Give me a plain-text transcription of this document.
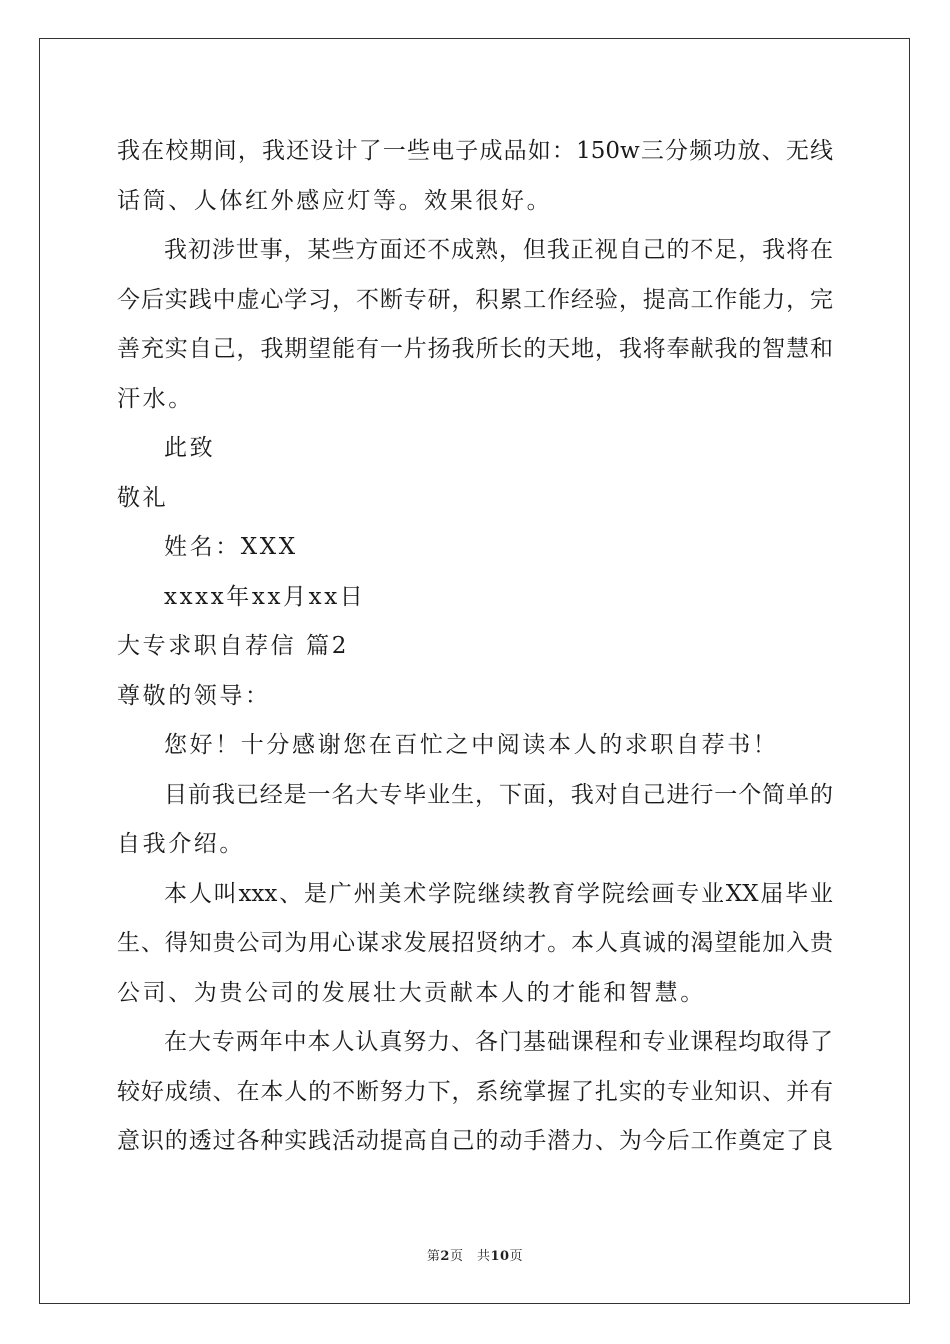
我在校期间，我还设计了一些电子成品如：150w三分频功放、无线
话筒、人体红外感应灯等。效果很好。
我初涉世事，某些方面还不成熟，但我正视自己的不足，我将在
今后实践中虚心学习，不断专研，积累工作经验，提高工作能力，完
善充实自己，我期望能有一片扬我所长的天地，我将奉献我的智慧和
汗水。
此致
敬礼
姓名：XXX
xxxx年xx月xx日
大专求职自荐信 篇2
尊敬的领导：
您好！十分感谢您在百忙之中阅读本人的求职自荐书！
目前我已经是一名大专毕业生，下面，我对自己进行一个简单的
自我介绍。
本人叫xxx、是广州美术学院继续教育学院绘画专业XX届毕业
生、得知贵公司为用心谋求发展招贤纳才。本人真诚的渴望能加入贵
公司、为贵公司的发展壮大贡献本人的才能和智慧。
在大专两年中本人认真努力、各门基础课程和专业课程均取得了
较好成绩、在本人的不断努力下，系统掌握了扎实的专业知识、并有
意识的透过各种实践活动提高自己的动手潜力、为今后工作奠定了良
第2页　共10页
